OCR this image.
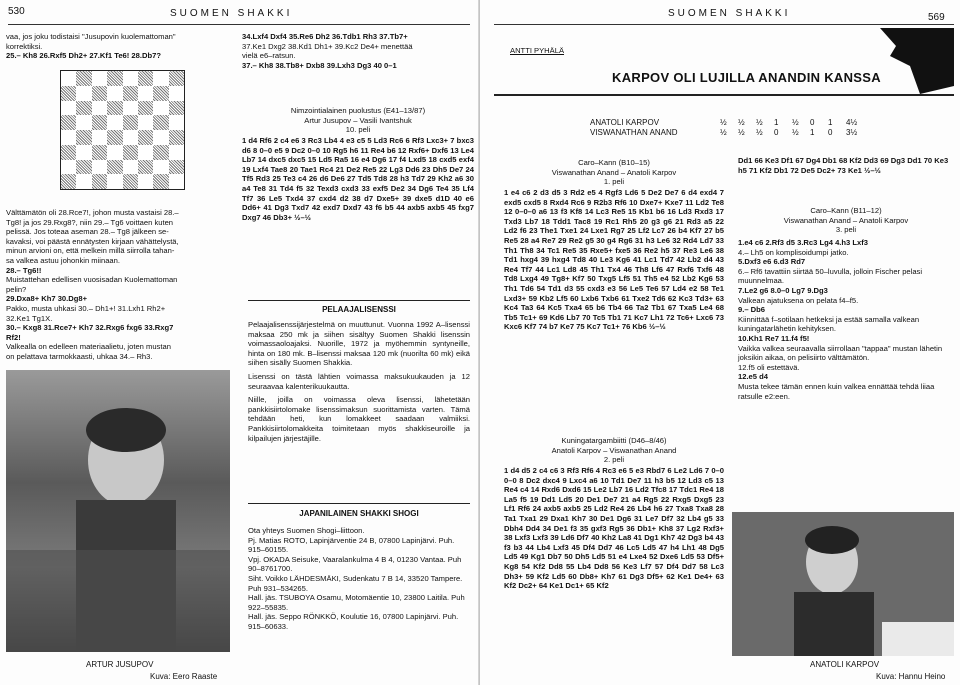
530	SUOMEN SHAKKI
vaa, jos joku todistaisi "Jusupovin kuolemattoman"
korrektiksi.
25.– Kh8 26.Rxf5 Dh2+ 27.Kf1 Te6! 28.Db7?
Välttämätön oli 28.Rce7!, johon musta vastaisi 28.–
Tg8! ja jos 29.Rxg8?, niin 29.– Tg6 voittaen kuten
pelissä. Jos toteaa aseman 28.– Tg8 jälkeen se-
kavaksi, voi päästä ennätysten kirjaan vähättelystä,
minun arvioni on, että melkein millä siirrolla tahan-
sa valkea astuu johonkin miinaan.
28.– Tg6!!
Muistattehan edellisen vuosisadan Kuolemattoman
pelin?
29.Dxa8+ Kh7 30.Dg8+
Pakko, musta uhkasi 30.– Dh1+! 31.Lxh1 Rh2+
32.Ke1 Tg1X.
30.– Kxg8 31.Rce7+ Kh7 32.Rxg6 fxg6 33.Rxg7
Rf2!
Valkealla on edelleen materiaalietu, joten mustan
on pelattava tarmokkaasti, uhkaa 34.– Rh3.
ARTUR JUSUPOV
Kuva: Eero Raaste
34.Lxf4 Dxf4 35.Re6 Dh2 36.Tdb1 Rh3 37.Tb7+
37.Ke1 Dxg2 38.Kd1 Dh1+ 39.Kc2 De4+ menettää
vielä e6–ratsun.
37.– Kh8 38.Tb8+ Dxb8 39.Lxh3 Dg3 40 0–1
Nimzointialainen puolustus (E41–13/87)
Artur Jusupov – Vasili Ivantshuk
10. peli
1 d4 Rf6 2 c4 e6 3 Rc3 Lb4 4 e3 c5 5 Ld3 Rc6 6 Rf3 Lxc3+ 7 bxc3 d6 8 0–0 e5 9 Dc2 0–0 10 Rg5 h6 11 Re4 b6 12 Rxf6+ Dxf6 13 Le4 Lb7 14 dxc5 dxc5 15 Ld5 Ra5 16 e4 Dg6 17 f4 Lxd5 18 cxd5 exf4 19 Lxf4 Tae8 20 Tae1 Rc4 21 De2 Re5 22 Lg3 Dd6 23 Dh5 De7 24 Tf5 Rd3 25 Te3 c4 26 d6 De6 27 Td5 Td8 28 h3 Td7 29 Kh2 a6 30 a4 Te8 31 Td4 f5 32 Texd3 cxd3 33 exf5 De2 34 Dg6 Te4 35 Lf4 Tf7 36 Le5 Txd4 37 cxd4 d2 38 d7 Dxe5+ 39 dxe5 d1D 40 e6 Dd6+ 41 Dg3 Txd7 42 exd7 Dxd7 43 f6 b5 44 axb5 axb5 45 fxg7 Dxg7 46 Db3+ ½–½
PELAAJALISENSSI
Pelaajalisenssijärjestelmä on muuttunut. Vuonna 1992 A–lisenssi maksaa 250 mk ja siihen sisältyy Suomen Shakki lisenssin voimassaoloajaksi. Nuorille, 1972 ja myöhemmin syntyneille, hinta on 180 mk. B–lisenssi maksaa 120 mk (nuorilta 60 mk) eikä siihen sisälly Suomen Shakkia.
Lisenssi on tästä lähtien voimassa maksukuukauden ja 12 seuraavaa kalenterikuukautta.
Niille, joilla on voimassa oleva lisenssi, lähetetään pankkisiirtolomake lisenssimaksun suorittamista varten. Tämä tehdään heti, kun lomakkeet saadaan valmiiksi. Pankkisiirtolomakkeita toimitetaan myös shakkiseuroille ja kilpailujen järjestäjille.
JAPANILAINEN SHAKKI SHOGI
Ota yhteys Suomen Shogi–liittoon.
Pj. Matias ROTO, Lapinjärventie 24 B, 07800 Lapinjärvi. Puh. 915–60155.
Vpj. OKADA Seisuke, Vaaralankulma 4 B 4, 01230 Vantaa. Puh 90–8761700.
Siht. Voikko LÄHDESMÄKI, Sudenkatu 7 B 14, 33520 Tampere. Puh 931–534265.
Hall. jäs. TSUBOYA Osamu, Motomäentie 10, 23800 Laitila. Puh 922–55835.
Hall. jäs. Seppo RÖNKKÖ, Koulutie 16, 07800 Lapinjärvi. Puh. 915–60633.
SUOMEN SHAKKI	569
ANTTI PYHÄLÄ
KARPOV OLI LUJILLA ANANDIN KANSSA
ANATOLI KARPOV	½	½	½	1	½	0	1	4½
VISWANATHAN ANAND	½	½	½	0	½	1	0	3½
Caro–Kann (B10–15)
Viswanathan Anand – Anatoli Karpov
1. peli
1 e4 c6 2 d3 d5 3 Rd2 e5 4 Rgf3 Ld6 5 De2 De7 6 d4 exd4 7 exd5 cxd5 8 Rxd4 Rc6 9 R2b3 Rf6 10 Dxe7+ Kxe7 11 Ld2 Te8 12 0–0–0 a6 13 f3 Kf8 14 Lc3 Re5 15 Kb1 b6 16 Ld3 Rxd3 17 Txd3 Lb7 18 Tdd1 Tac8 19 Rc1 Rh5 20 g3 g6 21 Rd3 a5 22 Ld2 f6 23 The1 Txe1 24 Lxe1 Rg7 25 Lf2 Lc7 26 b4 Kf7 27 b5 Re5 28 a4 Re7 29 Re2 g5 30 g4 Rg6 31 h3 Le6 32 Rd4 Ld7 33 Th1 Th8 34 Tc1 Re5 35 Rxe5+ fxe5 36 Re2 h5 37 Re3 Le6 38 Td1 hxg4 39 hxg4 Td8 40 Le3 Kg6 41 Lc1 Td7 42 Lb2 d4 43 Re4 Tf7 44 Lc1 Ld8 45 Th1 Tx4 46 Th8 Lf6 47 Rxf6 Txf6 48 Td8 Lxg4 49 Tg8+ Kf7 50 Txg5 Lf5 51 Th5 e4 52 Lb2 Kg6 53 Th1 Td6 54 Td1 d3 55 cxd3 e3 56 Le5 Te6 57 Ld4 e2 58 Te1 Lxd3+ 59 Kb2 Lf5 60 Lxb6 Txb6 61 Txe2 Td6 62 Kc3 Td3+ 63 Kc4 Ta3 64 Kc5 Txa4 65 b6 Tb4 66 Ta2 Tb1 67 Txa5 Le4 68 Tb5 Tc1+ 69 Kd6 Lb7 70 Tc5 Tb1 71 Kc7 Lh1 72 Tc6+ Lxc6 73 Kxc6 Kf7 74 b7 Ke7 75 Kc7 Tc1+ 76 Kb6 ½–½
Kuningatargambiitti (D46–8/46)
Anatoli Karpov – Viswanathan Anand
2. peli
1 d4 d5 2 c4 c6 3 Rf3 Rf6 4 Rc3 e6 5 e3 Rbd7 6 Le2 Ld6 7 0–0 0–0 8 Dc2 dxc4 9 Lxc4 a6 10 Td1 De7 11 h3 b5 12 Ld3 c5 13 Re4 c4 14 Rxd6 Dxd6 15 Le2 Lb7 16 Ld2 Tfc8 17 Tdc1 Re4 18 La5 f5 19 Dd1 Ld5 20 De1 De7 21 a4 Rg5 22 Rxg5 Dxg5 23 Lf1 Rf6 24 axb5 axb5 25 Ld2 Re4 26 Lb4 h6 27 Txa8 Txa8 28 Ta1 Txa1 29 Dxa1 Kh7 30 De1 Dg6 31 Le7 Df7 32 Lb4 g5 33 Dbh4 Dd4 34 De1 f3 35 gxf3 Rg5 36 Db1+ Kh8 37 Lg2 Rxf3+ 38 Lxf3 Lxf3 39 Ld6 Df7 40 Kh2 La8 41 Dg1 Kh7 42 Dg3 b4 43 f3 b3 44 Lb4 Lxf3 45 Df4 Dd7 46 Lc5 Ld5 47 h4 Lh1 48 Dg5 Ld5 49 Kg1 Db7 50 Dh5 Ld5 51 e4 Lxe4 52 Dxe6 Ld5 53 Df5+ Kg8 54 Kf2 Dd8 55 Lb4 Dd8 56 Ke3 Lf7 57 Df4 Dd7 58 Lc3 Dh3+ 59 Kf2 Ld5 60 Db8+ Kh7 61 Dg3 Df5+ 62 Ke1 De4+ 63 Kf2 Dc2+ 64 Ke1 Dc1+ 65 Kf2
Dd1 66 Ke3 Df1 67 Dg4 Db1 68 Kf2 Dd3 69 Dg3 Dd1 70 Ke3 h5 71 Kf2 Db1 72 De5 Dc2+ 73 Ke1 ½–½
Caro–Kann (B11–12)
Viswanathan Anand – Anatoli Karpov
3. peli
1.e4 c6 2.Rf3 d5 3.Rc3 Lg4 4.h3 Lxf3
4.– Lh5 on komplisoidumpi jatko.
5.Dxf3 e6 6.d3 Rd7
6.– Rf6 tavattiin siirtää 50–luvulla, jolloin Fischer pelasi muunnelmaa.
7.Le2 g6 8.0–0 Lg7 9.Dg3
Valkean ajatuksena on pelata f4–f5.
9.– Db6
Kiinnittää f–sotilaan hetkeksi ja estää samalla valkean kuningatarlähetin kehityksen.
10.Kh1 Re7 11.f4 f5!
Vaikka valkea seuraavalla siirrollaan "tappaa" mustan lähetin joksikin aikaa, on pelisiirto välttämätön.
12.f5 oli estettävä.
12.e5 d4
Musta tekee tämän ennen kuin valkea ennättää tehdä liiaa ratsulle e2:een.
ANATOLI KARPOV
Kuva: Hannu Heino
